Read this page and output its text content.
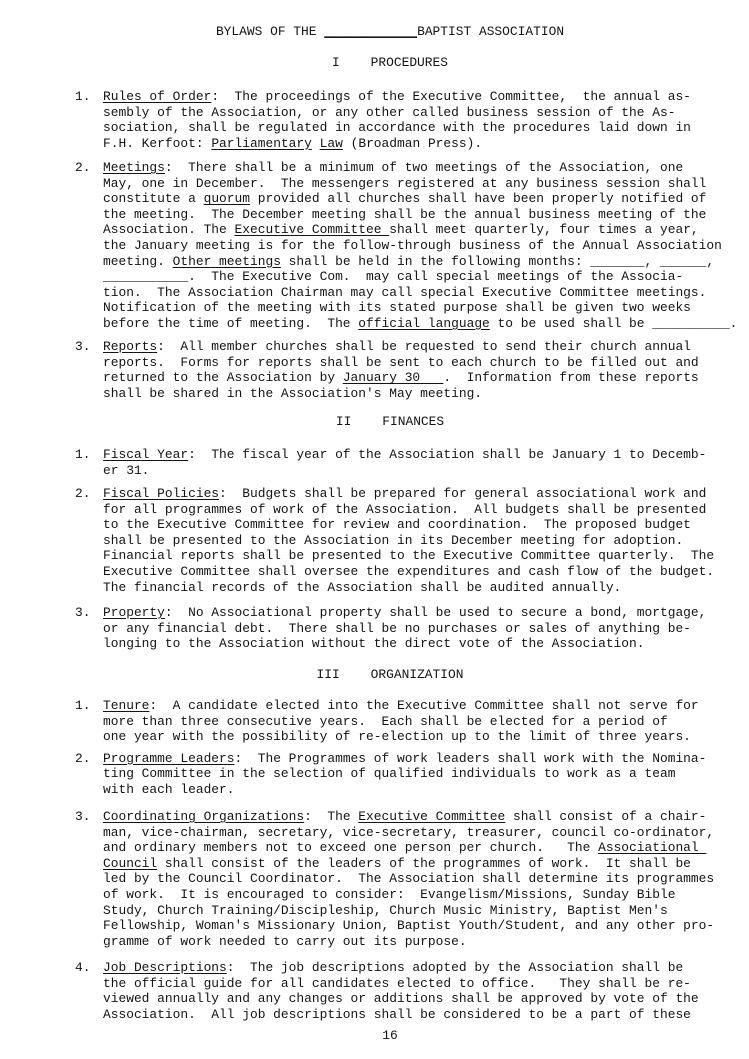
BYLAWS OF THE ____________BAPTIST ASSOCIATION
I    PROCEDURES
1. Rules of Order:  The proceedings of the Executive Committee,  the annual as-
sembly of the Association, or any other called business session of the As-
sociation, shall be regulated in accordance with the procedures laid down in
F.H. Kerfoot: Parliamentary Law (Broadman Press).
2. Meetings:  There shall be a minimum of two meetings of the Association, one
May, one in December.  The messengers registered at any business session shall
constitute a quorum provided all churches shall have been properly notified of
the meeting.  The December meeting shall be the annual business meeting of the
Association. The Executive Committee shall meet quarterly, four times a year,
the January meeting is for the follow-through business of the Annual Association
meeting. Other meetings shall be held in the following months: _______, ______,
___________.  The Executive Com.  may call special meetings of the Associa-
tion.  The Association Chairman may call special Executive Committee meetings.
Notification of the meeting with its stated purpose shall be given two weeks
before the time of meeting.  The official language to be used shall be __________.
3. Reports:  All member churches shall be requested to send their church annual
reports.  Forms for reports shall be sent to each church to be filled out and
returned to the Association by January 30   .  Information from these reports
shall be shared in the Association's May meeting.
II    FINANCES
1. Fiscal Year:  The fiscal year of the Association shall be January 1 to Decemb-
er 31.
2. Fiscal Policies:  Budgets shall be prepared for general associational work and
for all programmes of work of the Association.  All budgets shall be presented
to the Executive Committee for review and coordination.  The proposed budget
shall be presented to the Association in its December meeting for adoption.
Financial reports shall be presented to the Executive Committee quarterly.  The
Executive Committee shall oversee the expenditures and cash flow of the budget.
The financial records of the Association shall be audited annually.
3. Property:  No Associational property shall be used to secure a bond, mortgage,
or any financial debt.  There shall be no purchases or sales of anything be-
longing to the Association without the direct vote of the Association.
III    ORGANIZATION
1. Tenure:  A candidate elected into the Executive Committee shall not serve for
more than three consecutive years.  Each shall be elected for a period of
one year with the possibility of re-election up to the limit of three years.
2. Programme Leaders:  The Programmes of work leaders shall work with the Nomina-
ting Committee in the selection of qualified individuals to work as a team
with each leader.
3. Coordinating Organizations:  The Executive Committee shall consist of a chair-
man, vice-chairman, secretary, vice-secretary, treasurer, council co-ordinator,
and ordinary members not to exceed one person per church.   The Associational
Council shall consist of the leaders of the programmes of work.  It shall be
led by the Council Coordinator.  The Association shall determine its programmes
of work.  It is encouraged to consider:  Evangelism/Missions, Sunday Bible
Study, Church Training/Discipleship, Church Music Ministry, Baptist Men's
Fellowship, Woman's Missionary Union, Baptist Youth/Student, and any other pro-
gramme of work needed to carry out its purpose.
4. Job Descriptions:  The job descriptions adopted by the Association shall be
the official guide for all candidates elected to office.   They shall be re-
viewed annually and any changes or additions shall be approved by vote of the
Association.  All job descriptions shall be considered to be a part of these
16
